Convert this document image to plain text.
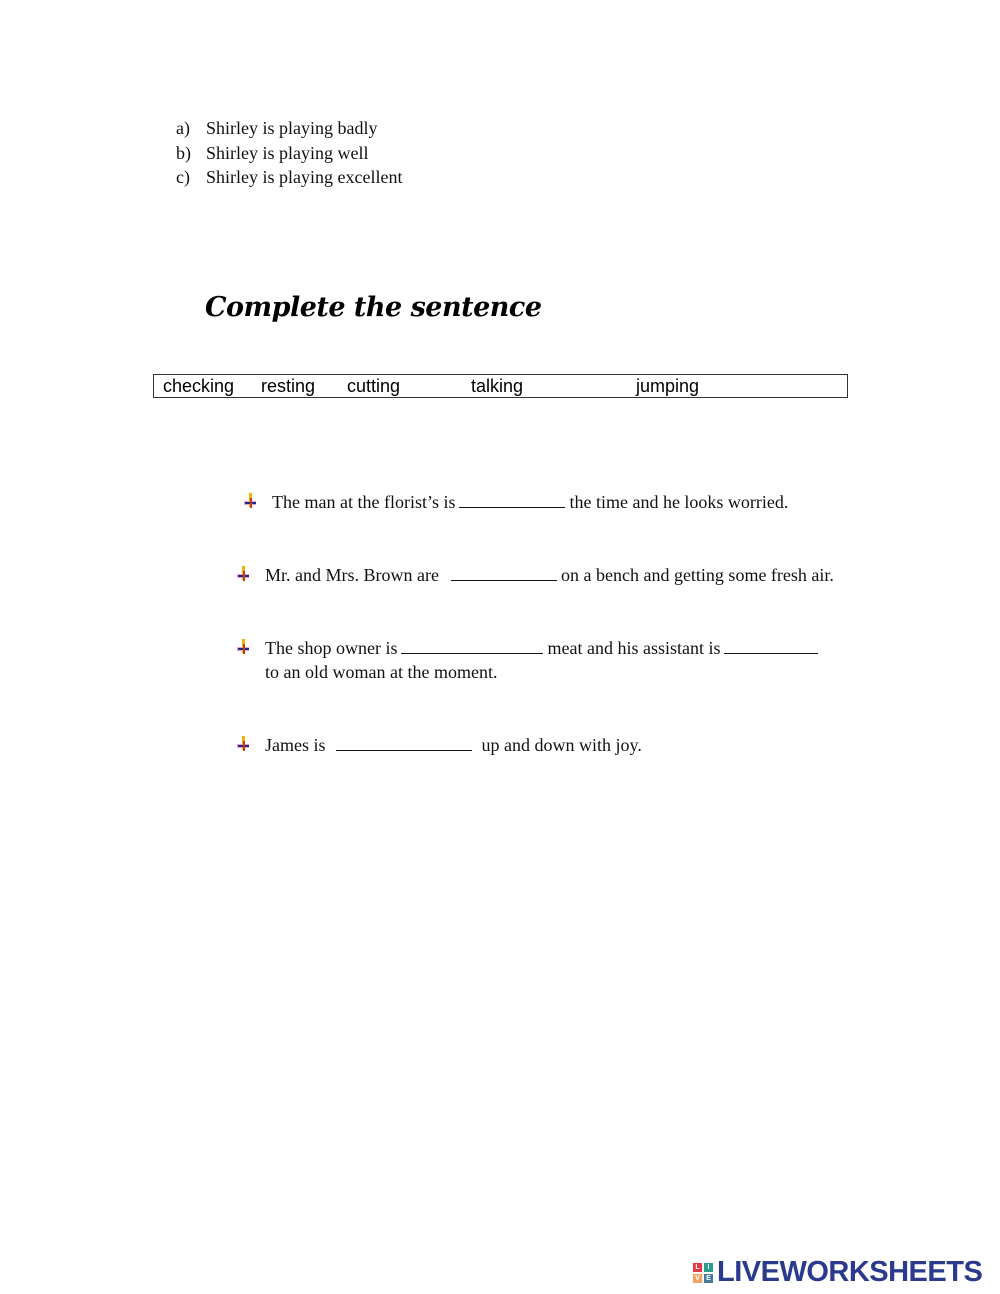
a) Shirley is playing badly
b) Shirley is playing well
c) Shirley is playing excellent
Complete the sentence
checking resting cutting	talking	jumping
The man at the florist’s is	the time and he looks worried.
Mr. and Mrs. Brown are	on a bench and getting some fresh air.
The shop owner is	meat and his assistant is
to an old woman at the moment.
James is	up and down with joy.
L	I
V E LIVEWORKSHEETS
